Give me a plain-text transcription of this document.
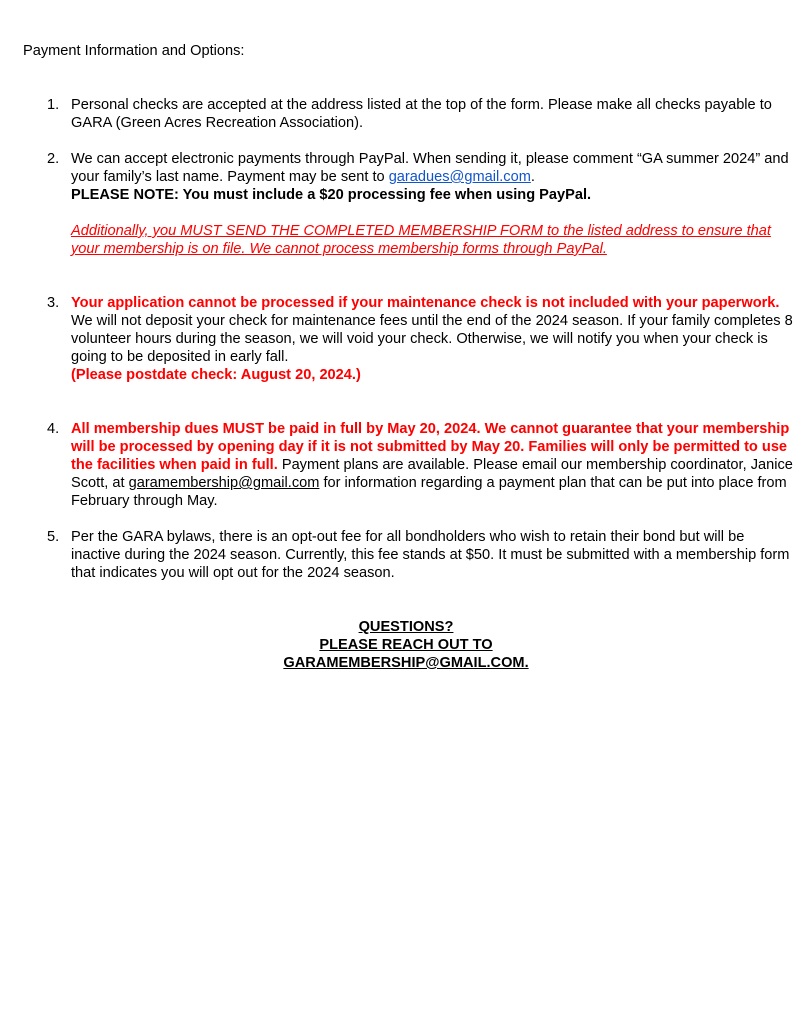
Payment Information and Options:
1. Personal checks are accepted at the address listed at the top of the form. Please make all checks payable to GARA (Green Acres Recreation Association).

2. We can accept electronic payments through PayPal. When sending it, please comment “GA summer 2024” and your family’s last name. Payment may be sent to garadues@gmail.com.

PLEASE NOTE: You must include a $20 processing fee when using PayPal.

Additionally, you MUST SEND THE COMPLETED MEMBERSHIP FORM to the listed address to ensure that your membership is on file. We cannot process membership forms through PayPal.

3. Your application cannot be processed if your maintenance check is not included with your paperwork. We will not deposit your check for maintenance fees until the end of the 2024 season. If your family completes 8 volunteer hours during the season, we will void your check. Otherwise, we will notify you when your check is going to be deposited in early fall.

(Please postdate check: August 20, 2024.)

4. All membership dues MUST be paid in full by May 20, 2024. We cannot guarantee that your membership will be processed by opening day if it is not submitted by May 20. Families will only be permitted to use the facilities when paid in full. Payment plans are available. Please email our membership coordinator, Janice Scott, at garamembership@gmail.com for information regarding a payment plan that can be put into place from February through May.

5. Per the GARA bylaws, there is an opt-out fee for all bondholders who wish to retain their bond but will be inactive during the 2024 season. Currently, this fee stands at $50. It must be submitted with a membership form that indicates you will opt out for the 2024 season.

QUESTIONS?
PLEASE REACH OUT TO
GARAMEMBERSHIP@GMAIL.COM.
